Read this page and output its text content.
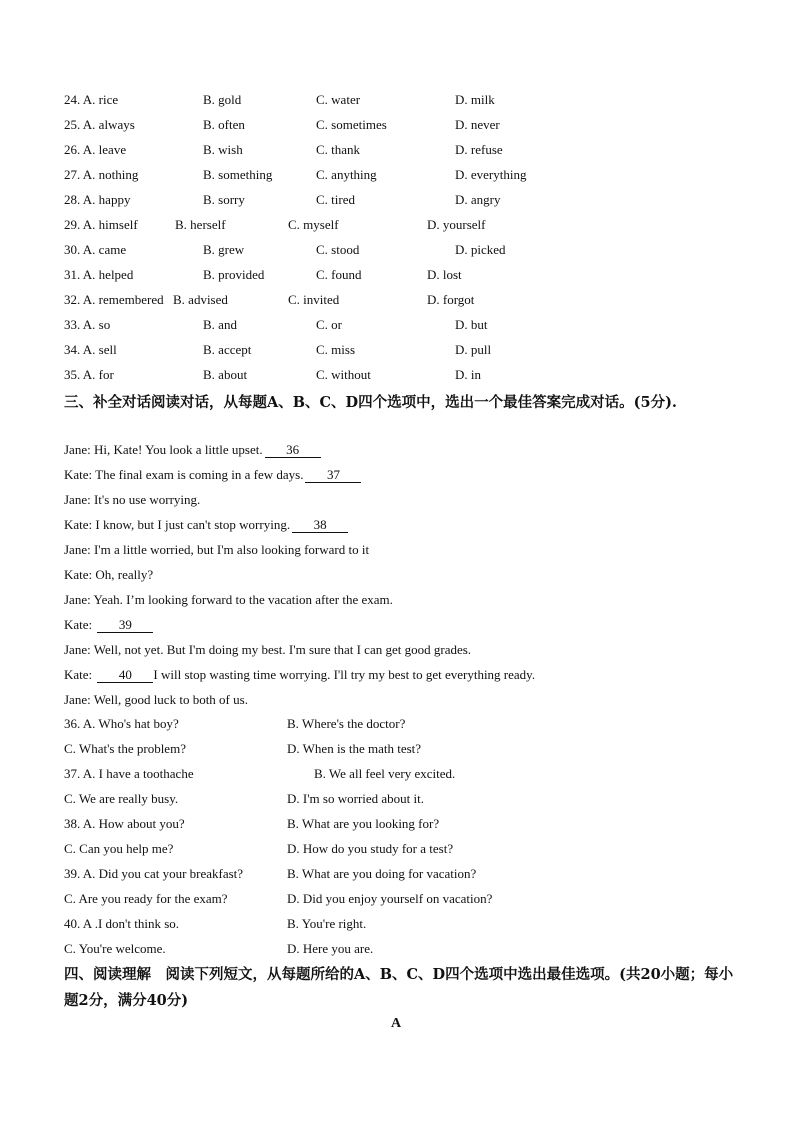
24. A. rice	B. gold	C. water	D. milk
25. A. always	B. often	C. sometimes	D. never
26. A. leave	B. wish	C. thank	D. refuse
27. A. nothing	B. something	C. anything	D. everything
28. A. happy	B. sorry	C. tired	D. angry
29. A. himself	B. herself	C. myself	D. yourself
30. A. came	B. grew	C. stood	D. picked
31. A. helped	B. provided	C. found	D. lost
32. A. remembered B. advised	C. invited	D. forgot
33. A. so	B. and	C. or	D. but
34. A. sell	B. accept	C. miss	D. pull
35. A. for	B. about	C. without	D. in
三、补全对话阅读对话，从每题A、B、C、D四个选项中，选出一个最佳答案完成对话。(5分).
Jane: Hi, Kate! You look a little upset. 36
Kate: The final exam is coming in a few days. 37
Jane: It's no use worrying.
Kate: I know, but I just can't stop worrying. 38
Jane: I'm a little worried, but I'm also looking forward to it
Kate: Oh, really?
Jane: Yeah. I’m looking forward to the vacation after the exam.
Kate: 39
Jane: Well, not yet. But I'm doing my best. I'm sure that I can get good grades.
Kate: 40 I will stop wasting time worrying. I'll try my best to get everything ready.
Jane: Well, good luck to both of us.
36. A. Who's hat boy?	B. Where's the doctor?
C. What's the problem?	D. When is the math test?
37. A. I have a toothache	B. We all feel very excited.
C. We are really busy.	D. I'm so worried about it.
38. A. How about you?	B. What are you looking for?
C. Can you help me?	D. How do you study for a test?
39. A. Did you cat your breakfast?	B. What are you doing for vacation?
C. Are you ready for the exam?	D. Did you enjoy yourself on vacation?
40. A .I don't think so.	B. You're right.
C. You're welcome.	D. Here you are.
四、阅读理解　阅读下列短文，从每题所给的A、B、C、D四个选项中选出最佳选项。(共20小题；每小题2分，满分40分)
A
